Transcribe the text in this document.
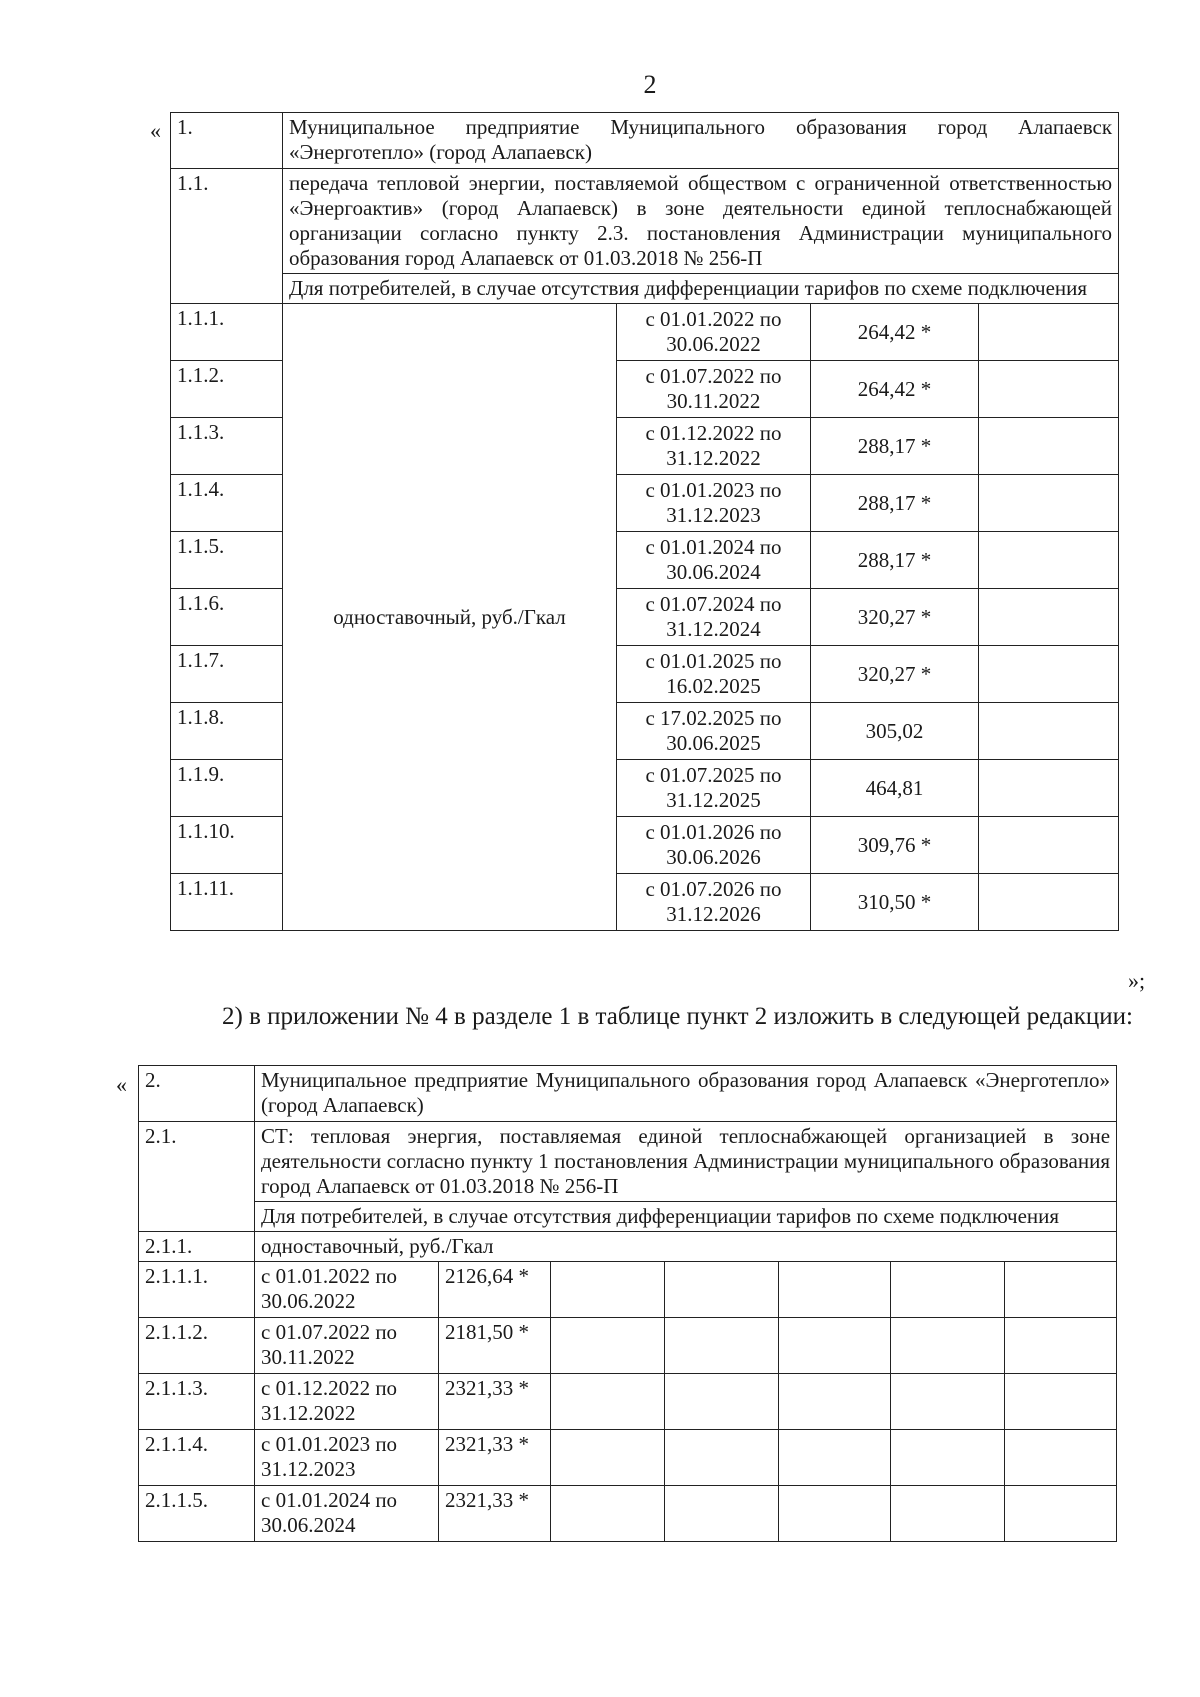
2
« 1.	Муниципальное предприятие Муниципального образования город Алапаевск «Энерготепло» (город Алапаевск)			
1.1.	передача тепловой энергии, поставляемой обществом с ограниченной ответственностью «Энергоактив» (город Алапаевск) в зоне деятельности единой теплоснабжающей организации согласно пункту 2.3. постановления Администрации муниципального образования город Алапаевск от 01.03.2018 № 256-П			
	Для потребителей, в случае отсутствия дифференциации тарифов по схеме подключения			
1.1.1.	одноставочный, руб./Гкал	с 01.01.2022 по 30.06.2022	264,42 *	
1.1.2.		с 01.07.2022 по 30.11.2022	264,42 *	
1.1.3.		с 01.12.2022 по 31.12.2022	288,17 *	
1.1.4.		с 01.01.2023 по 31.12.2023	288,17 *	
1.1.5.		с 01.01.2024 по 30.06.2024	288,17 *	
1.1.6.		с 01.07.2024 по 31.12.2024	320,27 *	
1.1.7.		с 01.01.2025 по 16.02.2025	320,27 *	
1.1.8.		с 17.02.2025 по 30.06.2025	305,02	
1.1.9.		с 01.07.2025 по 31.12.2025	464,81	
1.1.10.		с 01.01.2026 по 30.06.2026	309,76 *	
1.1.11.		с 01.07.2026 по 31.12.2026	310,50 *	
»;
2) в приложении № 4 в разделе 1 в таблице пункт 2 изложить в следующей редакции:
« 2.	Муниципальное предприятие Муниципального образования город Алапаевск «Энерготепло» (город Алапаевск)						
2.1.	СТ: тепловая энергия, поставляемая единой теплоснабжающей организацией в зоне деятельности согласно пункту 1 постановления Администрации муниципального образования город Алапаевск от 01.03.2018 № 256-П						
	Для потребителей, в случае отсутствия дифференциации тарифов по схеме подключения						
2.1.1.	одноставочный, руб./Гкал						
2.1.1.1.	с 01.01.2022 по 30.06.2022	2126,64 *					
2.1.1.2.	с 01.07.2022 по 30.11.2022	2181,50 *					
2.1.1.3.	с 01.12.2022 по 31.12.2022	2321,33 *					
2.1.1.4.	с 01.01.2023 по 31.12.2023	2321,33 *					
2.1.1.5.	с 01.01.2024 по 30.06.2024	2321,33 *					
